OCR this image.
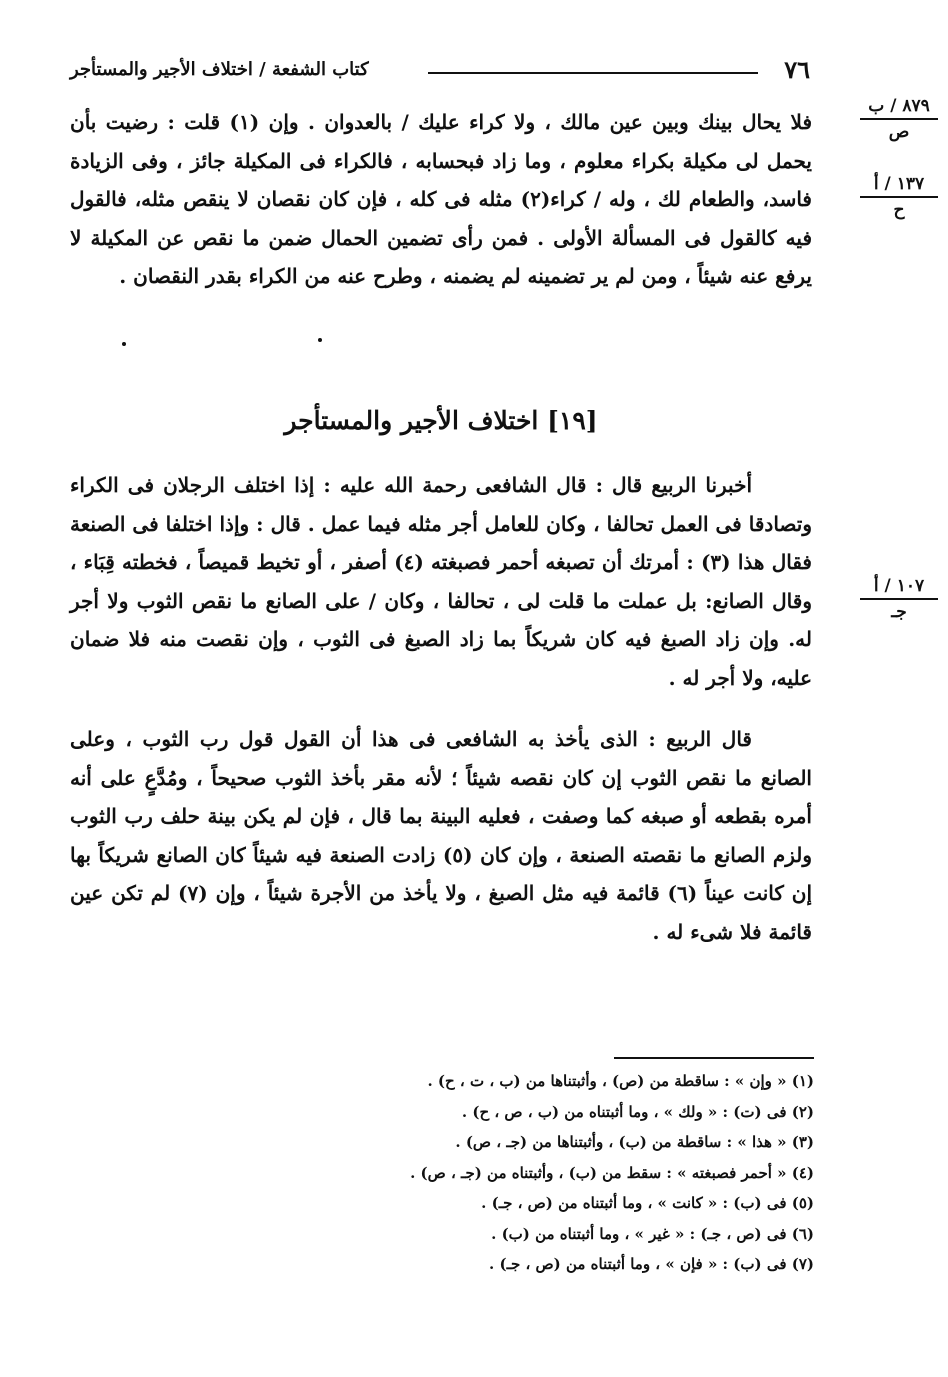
٧٦
كتاب الشفعة / اختلاف الأجير والمستأجر
٨٧٩ / ب
ص
١٣٧ / أ
ح
١٠٧ / أ
جـ

فلا يحال بينك وبين عين مالك ، ولا كراء عليك / بالعدوان . وإن (١) قلت : رضيت بأن يحمل لى مكيلة بكراء معلوم ، وما زاد فبحسابه ، فالكراء فى المكيلة جائز ، وفى الزيادة فاسد، والطعام لك ، وله / كراء(٢) مثله فى كله ، فإن كان نقصان لا ينقص مثله، فالقول فيه كالقول فى المسألة الأولى . فمن رأى تضمين الحمال ضمن ما نقص عن المكيلة لا يرفع عنه شيئاً ، ومن لم ير تضمينه لم يضمنه ، وطرح عنه من الكراء بقدر النقصان .

[١٩] اختلاف الأجير والمستأجر

أخبرنا الربيع قال : قال الشافعى رحمة الله عليه : إذا اختلف الرجلان فى الكراء وتصادقا فى العمل تحالفا ، وكان للعامل أجر مثله فيما عمل . قال : وإذا اختلفا فى الصنعة فقال هذا (٣) : أمرتك أن تصبغه أحمر فصبغته (٤) أصفر ، أو تخيط قميصاً ، فخطته قِبَاء ، وقال الصانع: بل عملت ما قلت لى ، تحالفا ، وكان / على الصانع ما نقص الثوب ولا أجر له. وإن زاد الصبغ فيه كان شريكاً بما زاد الصبغ فى الثوب ، وإن نقصت منه فلا ضمان عليه، ولا أجر له .

قال الربيع : الذى يأخذ به الشافعى فى هذا أن القول قول رب الثوب ، وعلى الصانع ما نقص الثوب إن كان نقصه شيئاً ؛ لأنه مقر بأخذ الثوب صحيحاً ، ومُدَّعٍ على أنه أمره بقطعه أو صبغه كما وصفت ، فعليه البينة بما قال ، فإن لم يكن بينة حلف رب الثوب ولزم الصانع ما نقصته الصنعة ، وإن كان (٥) زادت الصنعة فيه شيئاً كان الصانع شريكاً بها إن كانت عيناً (٦) قائمة فيه مثل الصبغ ، ولا يأخذ من الأجرة شيئاً ، وإن (٧) لم تكن عين قائمة فلا شىء له .

(١) « وإن » : ساقطة من (ص) ، وأثبتناها من (ب ، ت ، ح) .
(٢) فى (ت) : « ولك » ، وما أثبتناه من (ب ، ص ، ح) .
(٣) « هذا » : ساقطة من (ب) ، وأثبتناها من (جـ ، ص) .
(٤) « أحمر فصبغته » : سقط من (ب) ، وأثبتناه من (جـ ، ص) .
(٥) فى (ب) : « كانت » ، وما أثبتناه من (ص ، جـ) .
(٦) فى (ص ، جـ) : « غير » ، وما أثبتناه من (ب) .
(٧) فى (ب) : « فإن » ، وما أثبتناه من (ص ، جـ) .
